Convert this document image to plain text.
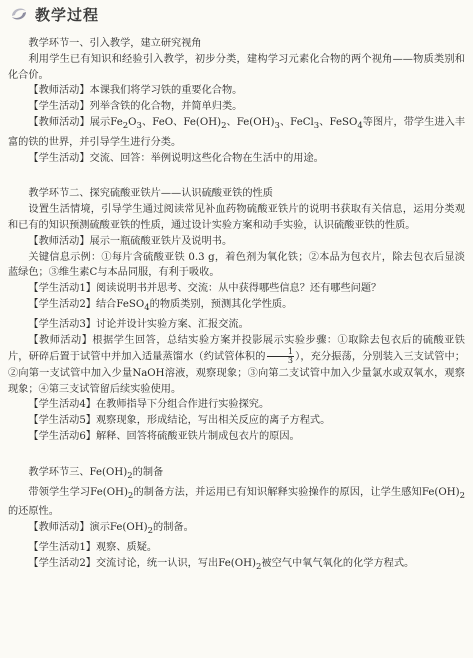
教学过程

教学环节一、引入教学，建立研究视角

利用学生已有知识和经验引入教学，初步分类，建构学习元素化合物的两个视角——物质类别和化合价。

【教师活动】本课我们将学习铁的重要化合物。

【学生活动】列举含铁的化合物，并简单归类。

【教师活动】展示$Fe_2O_3$、FeO、$Fe(OH)_2$、$Fe(OH)_3$、FeCl$_3$、FeSO$_4$等图片，带学生进入丰富的铁的世界，并引导学生进行分类。

【学生活动】交流、回答：举例说明这些化合物在生活中的用途。

教学环节二、探究硫酸亚铁片——认识硫酸亚铁的性质

设置生活情境，引导学生通过阅读常见补血药物硫酸亚铁片的说明书获取有关信息，运用分类观和已有的知识预测硫酸亚铁的性质，通过设计实验方案和动手实验，认识硫酸亚铁的性质。

【教师活动】展示一瓶硫酸亚铁片及说明书。

关键信息示例：①每片含硫酸亚铁 0.3 g，着色剂为氧化铁；②本品为包衣片，除去包衣后显淡蓝绿色；③维生素C与本品同服，有利于吸收。

【学生活动1】阅读说明书并思考、交流：从中获得哪些信息？还有哪些问题？

【学生活动2】结合FeSO$_4$的物质类别，预测其化学性质。

【学生活动3】讨论并设计实验方案、汇报交流。

【教师活动】根据学生回答，总结实验方案并投影展示实验步骤：①取除去包衣后的硫酸亚铁片，研碎后置于试管中并加入适量蒸馏水（约试管体积的 $\frac{1}{3}$ ），充分振荡，分别装入三支试管中；②向第一支试管中加入少量NaOH溶液，观察现象；③向第二支试管中加入少量氯水或双氧水，观察现象；④第三支试管留后续实验使用。

【学生活动4】在教师指导下分组合作进行实验探究。

【学生活动5】观察现象，形成结论，写出相关反应的离子方程式。

【学生活动6】解释、回答将硫酸亚铁片制成包衣片的原因。

教学环节三、$Fe(OH)_2$的制备

带领学生学习$Fe(OH)_2$的制备方法，并运用已有知识解释实验操作的原因，让学生感知$Fe(OH)_2$的还原性。

【教师活动】演示$Fe(OH)_2$的制备。

【学生活动1】观察、质疑。

【学生活动2】交流讨论，统一认识，写出$Fe(OH)_2$被空气中氧气氧化的化学方程式。
